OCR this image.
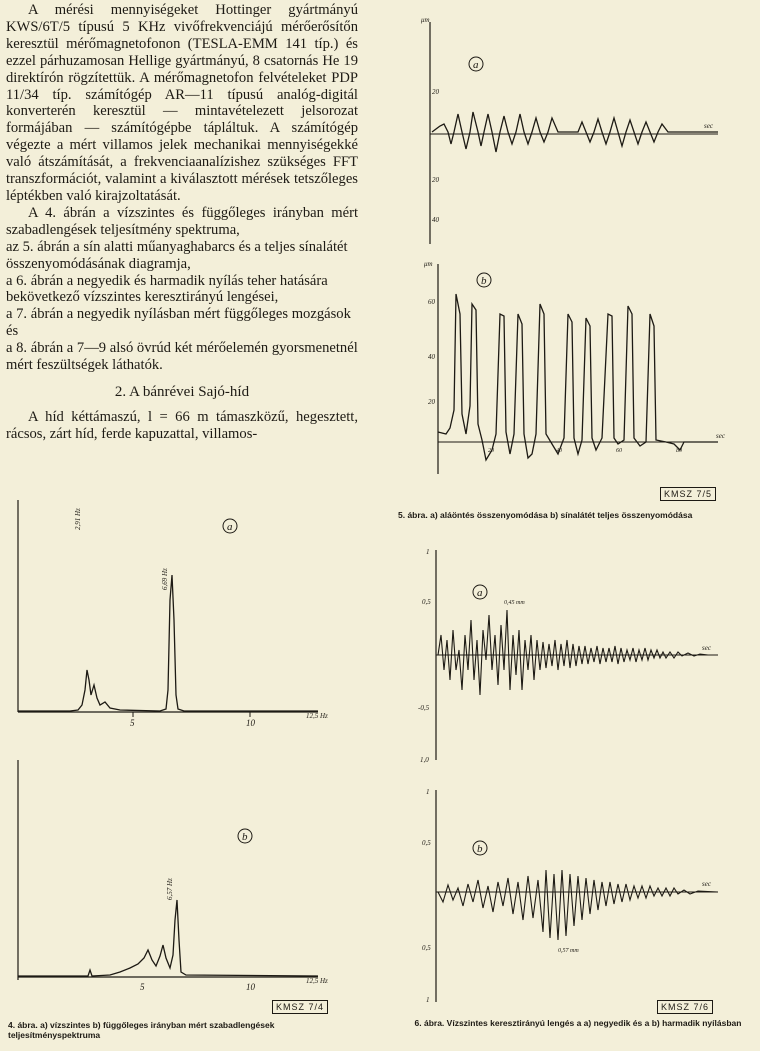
A mérési mennyiségeket Hottinger gyártmányú KWS/6T/5 típusú 5 KHz vivőfrekvenciájú mérőerősítőn keresztül mérőmagnetofonon (TESLA-EMM 141 típ.) és ezzel párhuzamosan Hellige gyártmányú, 8 csatornás He 19 direktírón rögzítettük. A mérőmagnetofon felvételeket PDP 11/34 típ. számítógép AR—11 típusú analóg-digitál konverterén keresztül — mintavételezett jelsorozat formájában — számítógépbe tápláltuk. A számítógép végezte a mért villamos jelek mechanikai mennyiségekké való átszámítását, a frekvenciaanalízishez szükséges FFT transzformációt, valamint a kiválasztott mérések tetszőleges léptékben való kirajzoltatását.

A 4. ábrán a vízszintes és függőleges irányban mért szabadlengések teljesítmény spektruma,

az 5. ábrán a sín alatti műanyaghabarcs és a teljes sínalátét összenyomódásának diagramja,

a 6. ábrán a negyedik és harmadik nyílás teher hatására bekövetkező vízszintes keresztirányú lengései,

a 7. ábrán a negyedik nyílásban mért függőleges mozgások és

a 8. ábrán a 7—9 alsó övrúd két mérőelemén gyorsmenetnél mért feszültségek láthatók.

2. A bánrévei Sajó-híd

A híd kéttámaszú, l = 66 m támaszközű, hegesztett, rácsos, zárt híd, ferde kapuzattal, villamos-

5	10
12,5 Hz
2,91 Hz
6,69 Hz
a
5	10
12,5 Hz
6,57 Hz
b
KMSZ 7/4
4. ábra. a) vízszintes b) függőleges irányban mért szabadlengések teljesítményspektruma
μm
20
20
40
sec
a
μm
60
40
20
20	40	60	80
sec
b
KMSZ 7/5
5. ábra. a) aláöntés összenyomódása b) sínalátét teljes összenyomódása
1
0,5
-0,5
1,0
sec
0,45 mm
a
1
0,5
0,5
1
sec
0,57 mm
b
KMSZ 7/6
6. ábra. Vízszintes keresztirányú lengés a a) negyedik és a b) harmadik nyílásban
